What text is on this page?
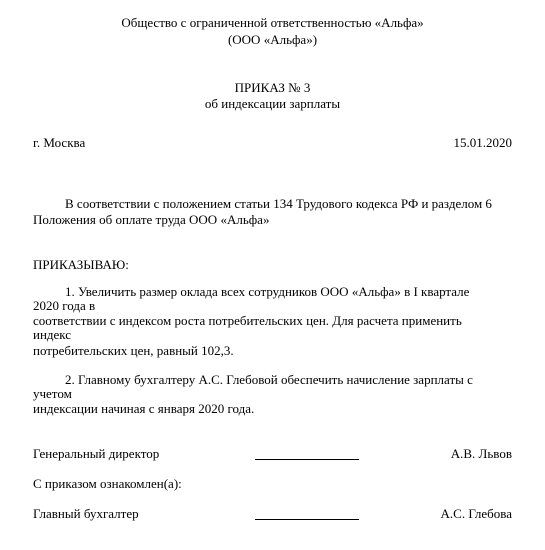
Общество с ограниченной ответственностью «Альфа»
(ООО «Альфа»)
ПРИКАЗ № 3
об индексации зарплаты
г. Москва	15.01.2020
В соответствии с положением статьи 134 Трудового кодекса РФ и разделом 6
Положения об оплате труда ООО «Альфа»
ПРИКАЗЫВАЮ:
1. Увеличить размер оклада всех сотрудников ООО «Альфа» в I квартале
2020 года в
соответствии с индексом роста потребительских цен. Для расчета применить
индекс
потребительских цен, равный 102,3.
2. Главному бухгалтеру А.С. Глебовой обеспечить начисление зарплаты с
учетом
индексации начиная с января 2020 года.
Генеральный директор	А.В. Львов
С приказом ознакомлен(а):
Главный бухгалтер	А.С. Глебова
